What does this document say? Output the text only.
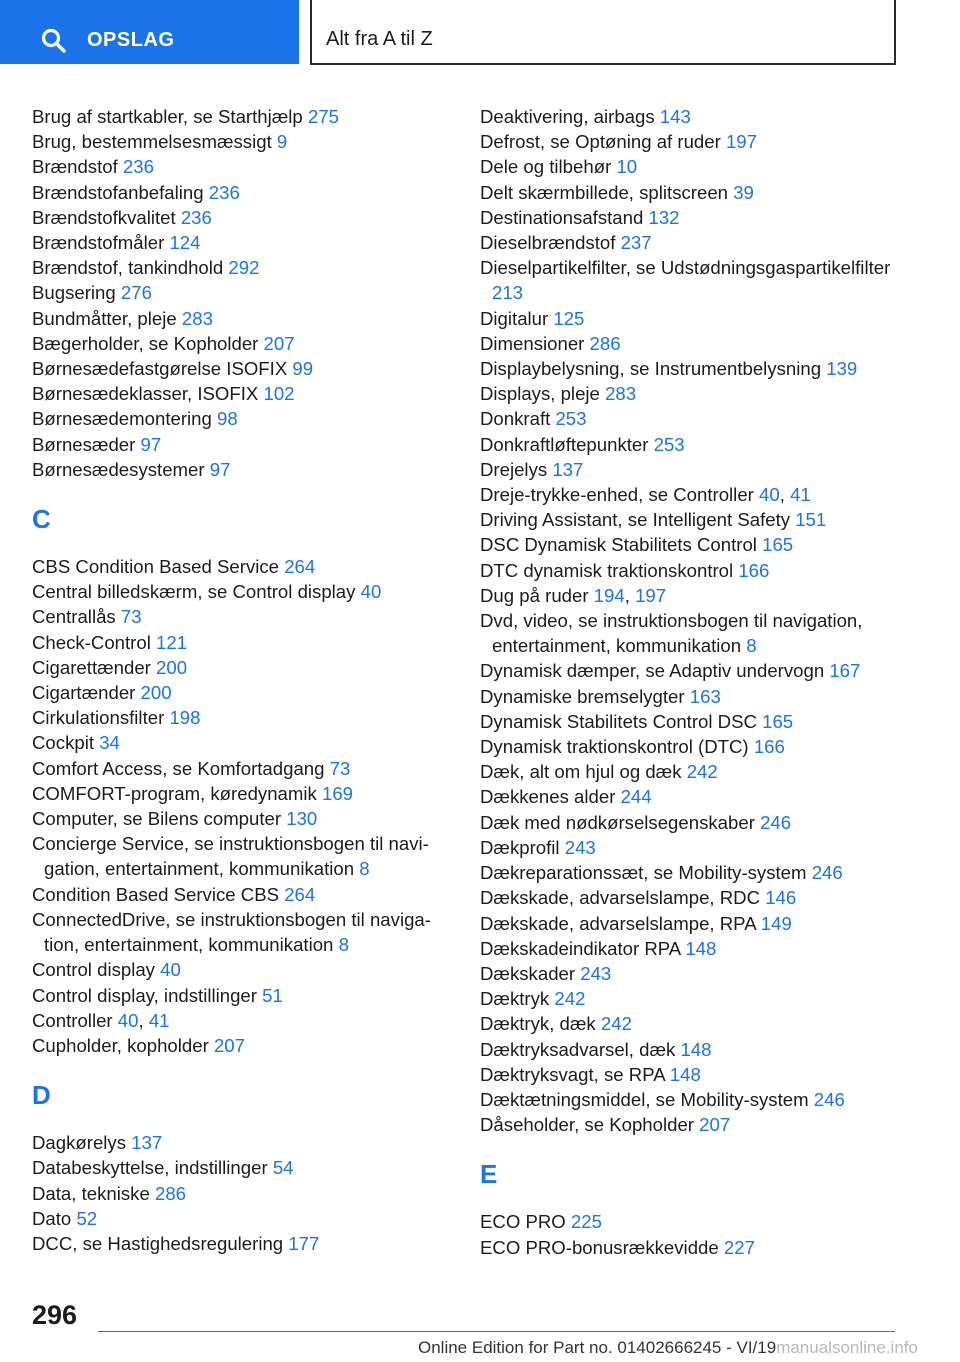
OPSLAG	Alt fra A til Z
Brug af startkabler, se Starthjælp 275
Brug, bestemmelsesmæssigt 9
Brændstof 236
Brændstofanbefaling 236
Brændstofkvalitet 236
Brændstofmåler 124
Brændstof, tankindhold 292
Bugsering 276
Bundmåtter, pleje 283
Bægerholder, se Kopholder 207
Børnesædefastgørelse ISOFIX 99
Børnesædeklasser, ISOFIX 102
Børnesædemontering 98
Børnesæder 97
Børnesædesystemer 97
C
CBS Condition Based Service 264
Central billedskærm, se Control display 40
Centrallås 73
Check-Control 121
Cigarettænder 200
Cigartænder 200
Cirkulationsfilter 198
Cockpit 34
Comfort Access, se Komfortadgang 73
COMFORT-program, køredynamik 169
Computer, se Bilens computer 130
Concierge Service, se instruktionsbogen til navigation, entertainment, kommunikation 8
Condition Based Service CBS 264
ConnectedDrive, se instruktionsbogen til navigation, entertainment, kommunikation 8
Control display 40
Control display, indstillinger 51
Controller 40, 41
Cupholder, kopholder 207
D
Dagkørelys 137
Databeskyttelse, indstillinger 54
Data, tekniske 286
Dato 52
DCC, se Hastighedsregulering 177
Deaktivering, airbags 143
Defrost, se Optøning af ruder 197
Dele og tilbehør 10
Delt skærmbillede, splitscreen 39
Destinationsafstand 132
Dieselbrændstof 237
Dieselpartikelfilter, se Udstødningsgaspartikelfilter 213
Digitalur 125
Dimensioner 286
Displaybelysning, se Instrumentbelysning 139
Displays, pleje 283
Donkraft 253
Donkraftløftepunkter 253
Drejelys 137
Dreje-trykke-enhed, se Controller 40, 41
Driving Assistant, se Intelligent Safety 151
DSC Dynamisk Stabilitets Control 165
DTC dynamisk traktionskontrol 166
Dug på ruder 194, 197
Dvd, video, se instruktionsbogen til navigation, entertainment, kommunikation 8
Dynamisk dæmper, se Adaptiv undervogn 167
Dynamiske bremselygter 163
Dynamisk Stabilitets Control DSC 165
Dynamisk traktionskontrol (DTC) 166
Dæk, alt om hjul og dæk 242
Dækkenes alder 244
Dæk med nødkørselsegenskaber 246
Dækprofil 243
Dækreparationssæt, se Mobility-system 246
Dækskade, advarselslampe, RDC 146
Dækskade, advarselslampe, RPA 149
Dækskadeindikator RPA 148
Dækskader 243
Dæktryk 242
Dæktryk, dæk 242
Dæktryksadvarsel, dæk 148
Dæktryksvagt, se RPA 148
Dæktætningsmiddel, se Mobility-system 246
Dåseholder, se Kopholder 207
E
ECO PRO 225
ECO PRO-bonusrækkevidde 227
296
Online Edition for Part no. 01402666245 - VI/19manualsonline.info
